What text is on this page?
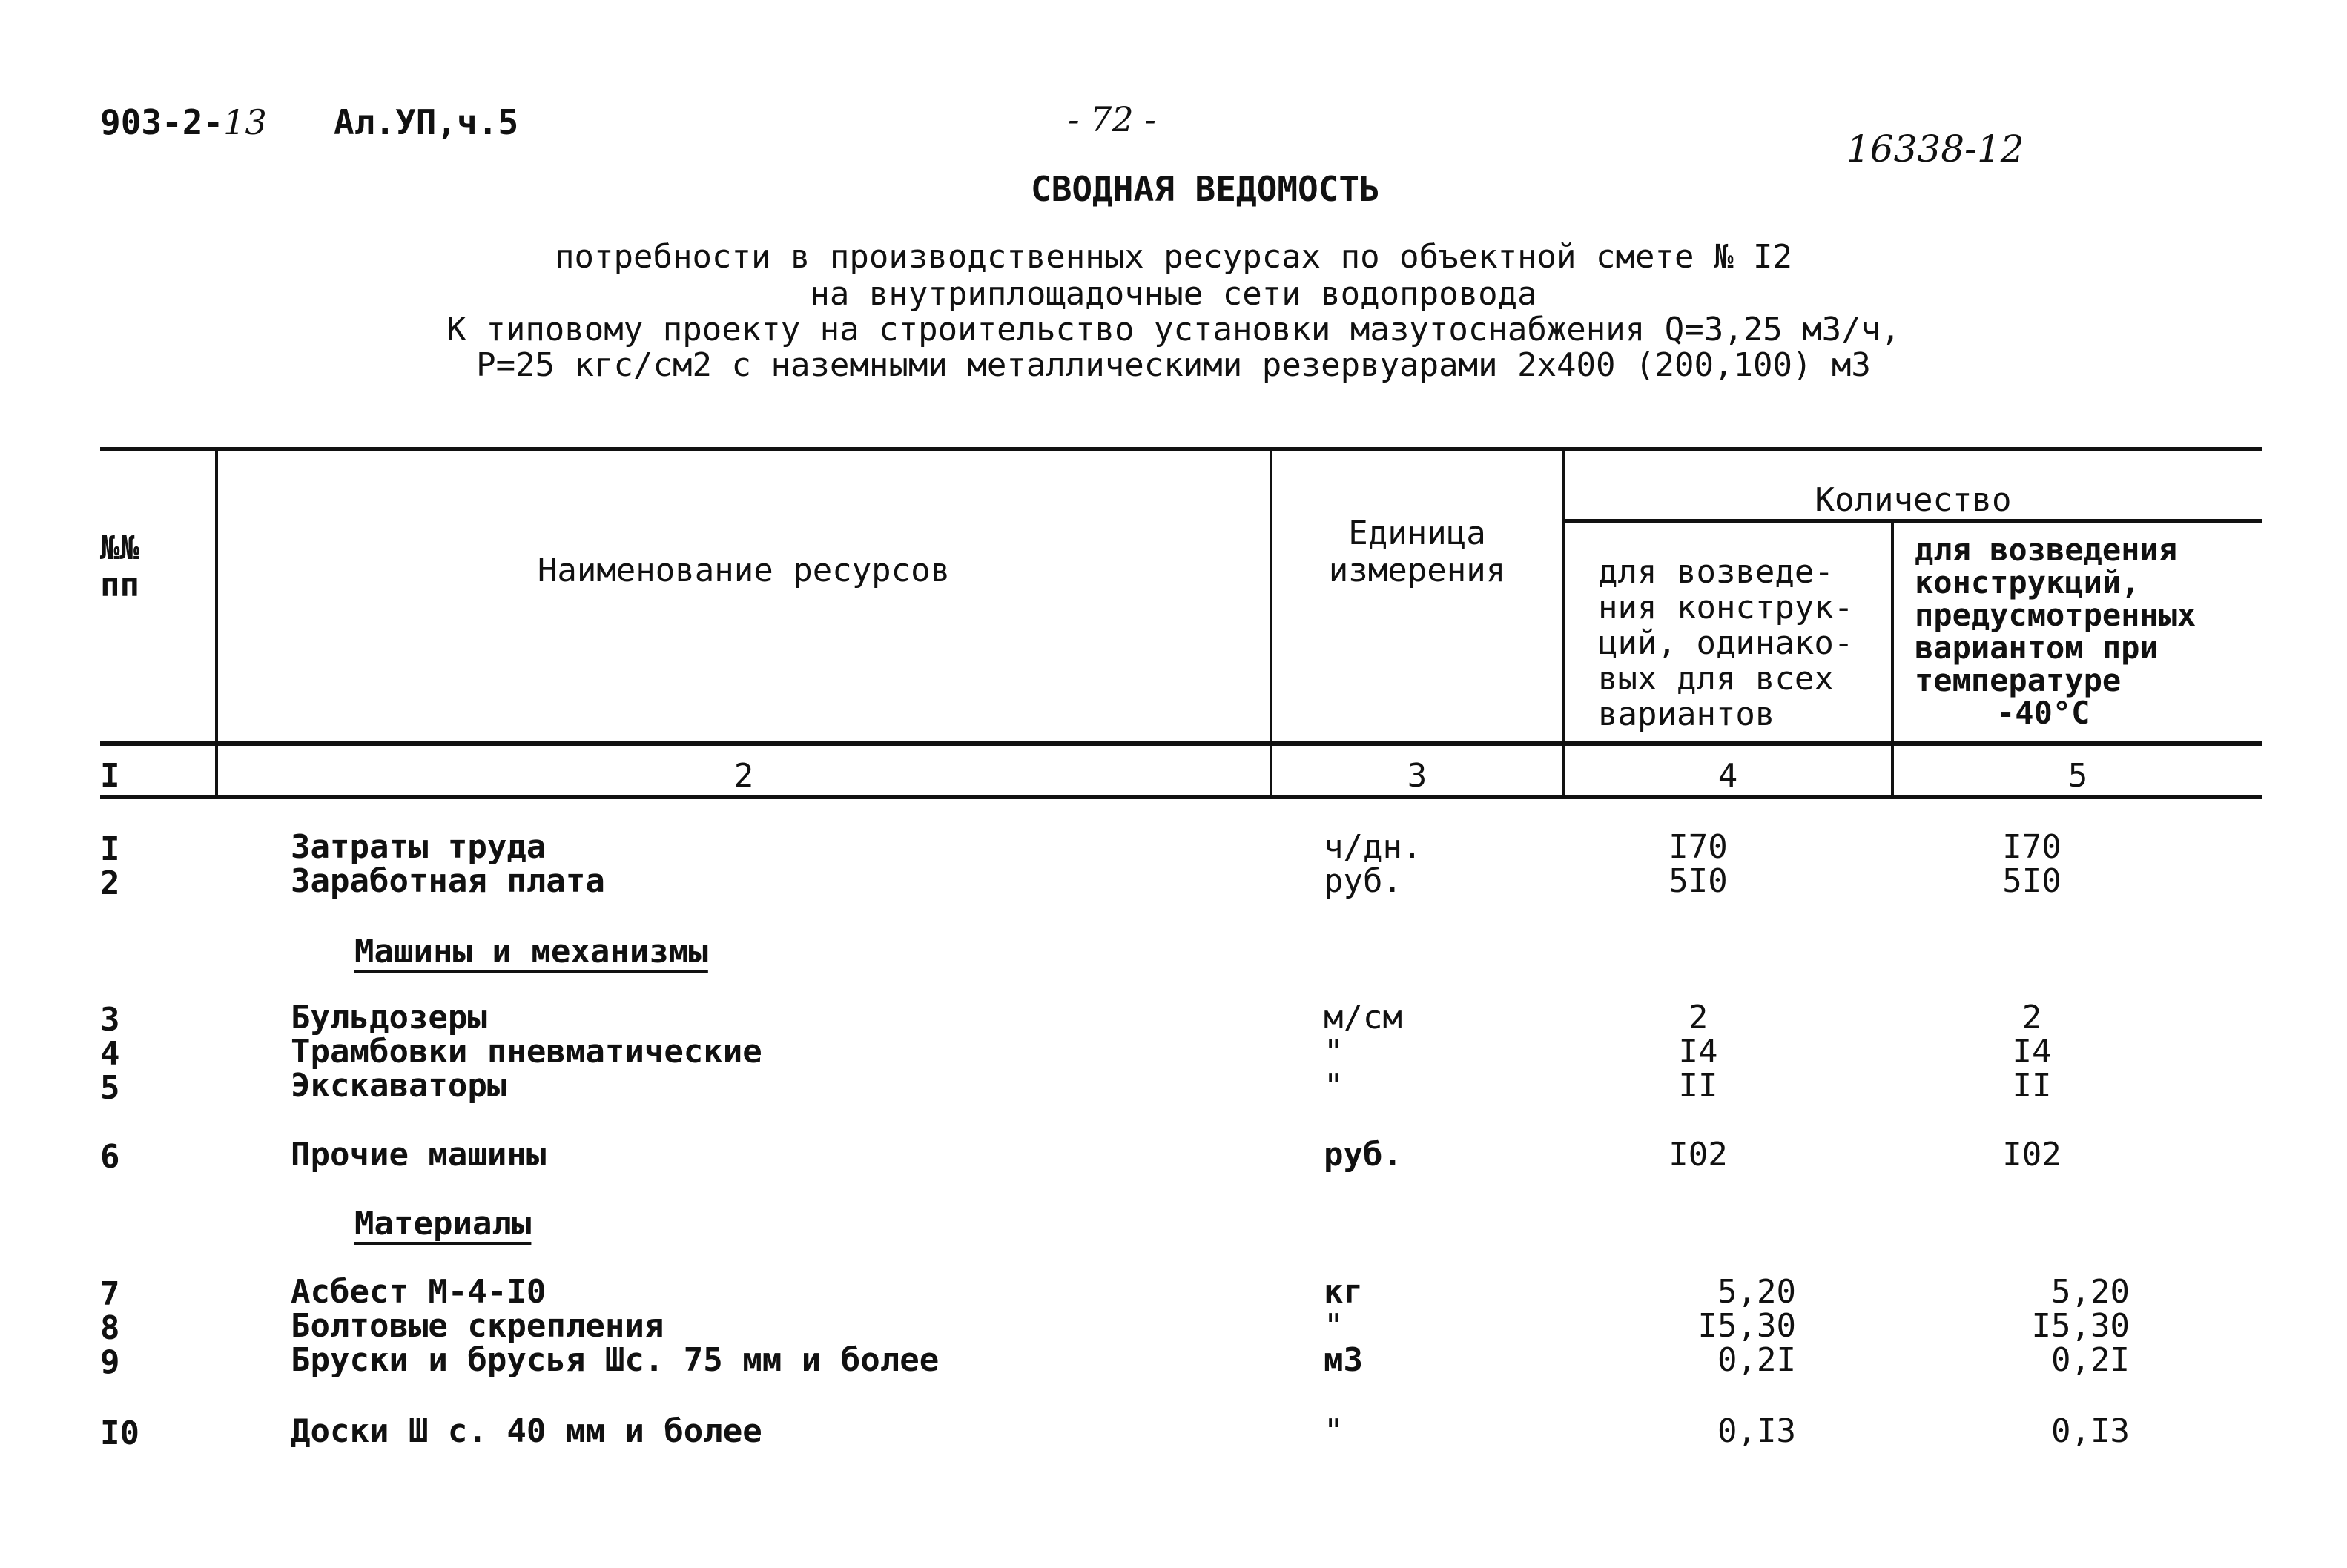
903-2-13 Ал.УП,ч.5	- 72 -
16338-12
СВОДНАЯ ВЕДОМОСТЬ
потребности в производственных ресурсах по объектной смете № I2
на внутриплощадочные сети водопровода
К типовому проекту на строительство установки мазутоснабжения Q=3,25 м3/ч,
P=25 кгс/см2 с наземными металлическими резервуарами 2х400 (200,100) м3
№№
пп	Наименование ресурсов
Единица
измерения
Количество
для возведе-
ния конструк-
ций, одинако-
вых для всех
вариантов
для возведения
конструкций,
предусмотренных
вариантом при
температуре
-40°С
I	2	3	4	5
I	Затраты труда	ч/дн.	I70	I70
2	Заработная плата	руб.	5I0	5I0
Машины и механизмы
3	Бульдозеры	м/см	2	2
4	Трамбовки пневматические	"	I4	I4
5	Экскаваторы	"	II	II
6	Прочие машины	руб.	I02	I02
Материалы
7	Асбест М-4-I0	кг	5,20	5,20
8	Болтовые скрепления	"	I5,30	I5,30
9	Бруски и брусья Шс. 75 мм и более	м3	0,2I	0,2I
I0	Доски Ш с. 40 мм и более	"	0,I3	0,I3
